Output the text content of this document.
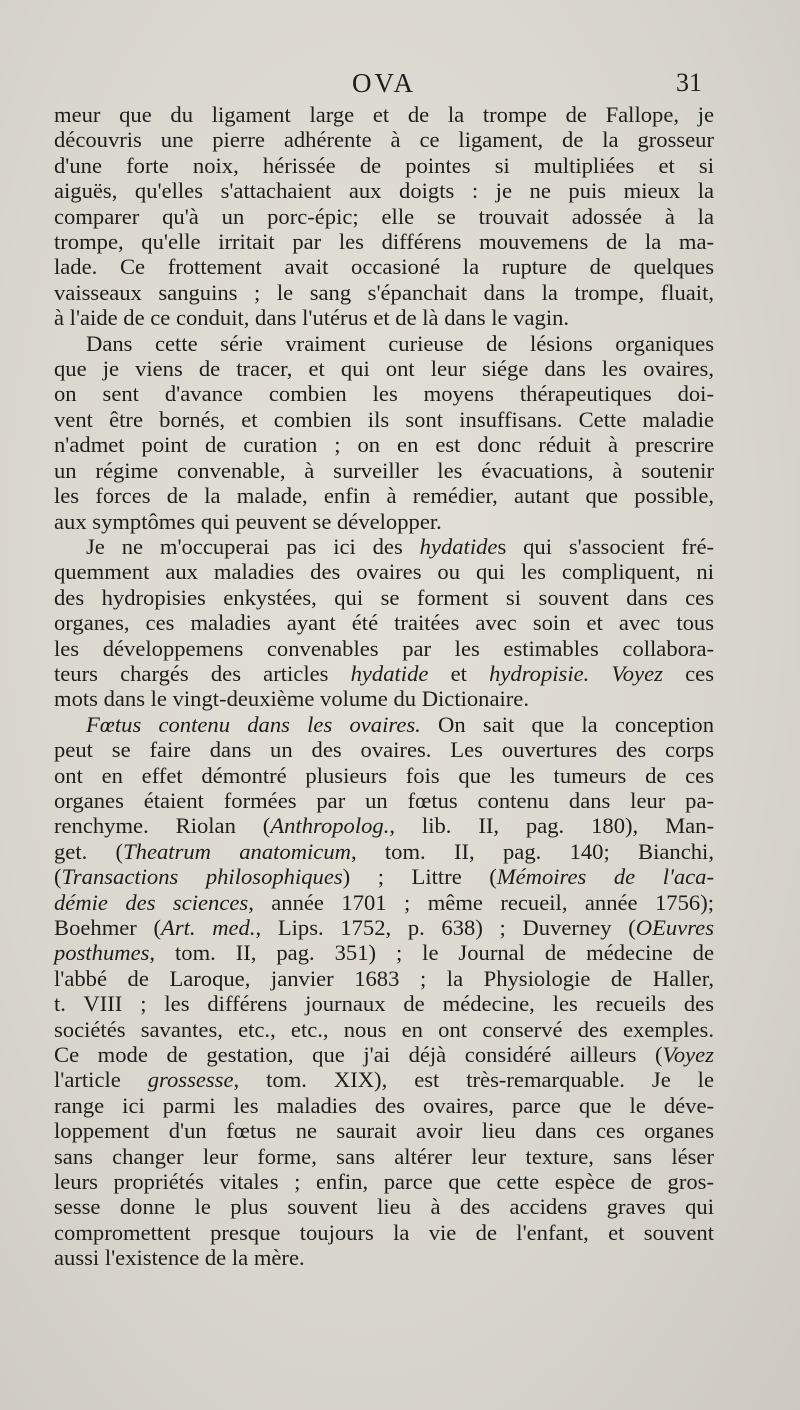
OVA	31
meur que du ligament large et de la trompe de Fallope, je
découvris une pierre adhérente à ce ligament, de la grosseur
d'une forte noix, hérissée de pointes si multipliées et si
aiguës, qu'elles s'attachaient aux doigts : je ne puis mieux la
comparer qu'à un porc-épic; elle se trouvait adossée à la
trompe, qu'elle irritait par les différens mouvemens de la ma-
lade. Ce frottement avait occasioné la rupture de quelques
vaisseaux sanguins ; le sang s'épanchait dans la trompe, fluait,
à l'aide de ce conduit, dans l'utérus et de là dans le vagin.
Dans cette série vraiment curieuse de lésions organiques
que je viens de tracer, et qui ont leur siége dans les ovaires,
on sent d'avance combien les moyens thérapeutiques doi-
vent être bornés, et combien ils sont insuffisans. Cette maladie
n'admet point de curation ; on en est donc réduit à prescrire
un régime convenable, à surveiller les évacuations, à soutenir
les forces de la malade, enfin à remédier, autant que possible,
aux symptômes qui peuvent se développer.
Je ne m'occuperai pas ici des hydatides qui s'associent fré-
quemment aux maladies des ovaires ou qui les compliquent, ni
des hydropisies enkystées, qui se forment si souvent dans ces
organes, ces maladies ayant été traitées avec soin et avec tous
les développemens convenables par les estimables collabora-
teurs chargés des articles hydatide et hydropisie. Voyez ces
mots dans le vingt-deuxième volume du Dictionaire.
Fœtus contenu dans les ovaires. On sait que la conception
peut se faire dans un des ovaires. Les ouvertures des corps
ont en effet démontré plusieurs fois que les tumeurs de ces
organes étaient formées par un fœtus contenu dans leur pa-
renchyme. Riolan (Anthropolog., lib. II, pag. 180), Man-
get. (Theatrum anatomicum, tom. II, pag. 140; Bianchi,
(Transactions philosophiques) ; Littre (Mémoires de l'aca-
démie des sciences, année 1701 ; même recueil, année 1756);
Boehmer (Art. med., Lips. 1752, p. 638) ; Duverney (OEuvres
posthumes, tom. II, pag. 351) ; le Journal de médecine de
l'abbé de Laroque, janvier 1683 ; la Physiologie de Haller,
t. VIII ; les différens journaux de médecine, les recueils des
sociétés savantes, etc., etc., nous en ont conservé des exemples.
Ce mode de gestation, que j'ai déjà considéré ailleurs (Voyez
l'article grossesse, tom. XIX), est très-remarquable. Je le
range ici parmi les maladies des ovaires, parce que le déve-
loppement d'un fœtus ne saurait avoir lieu dans ces organes
sans changer leur forme, sans altérer leur texture, sans léser
leurs propriétés vitales ; enfin, parce que cette espèce de gros-
sesse donne le plus souvent lieu à des accidens graves qui
compromettent presque toujours la vie de l'enfant, et souvent
aussi l'existence de la mère.
